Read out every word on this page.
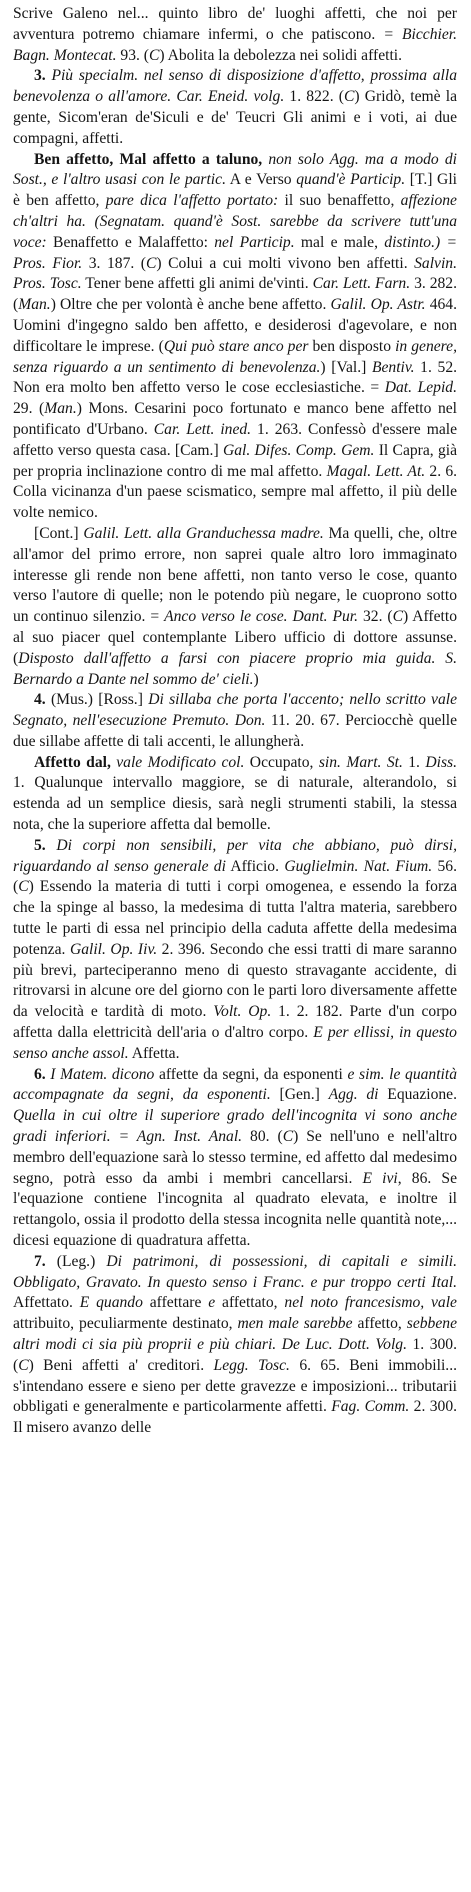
Scrive Galeno nel... quinto libro de' luoghi affetti, che noi per avventura potremo chiamare infermi, o che patiscono. = Bicchier. Bagn. Montecat. 93. (C) Abolita la debolezza nei solidi affetti.

3. Più specialm. nel senso di disposizione d'affetto, prossima alla benevolenza o all'amore. Car. Eneid. volg. 1. 822. (C) Gridò, temè la gente, Sicom'eran de'Siculi e de' Teucri Gli animi e i voti, ai due compagni, affetti.

Ben affetto, Mal affetto a taluno, non solo Agg. ma a modo di Sost., e l'altro usasi con le partic. A e Verso quand'è Particip. [T.] Gli è ben affetto, pare dica l'affetto portato: il suo benaffetto, affezione ch'altri ha. (Segnatam. quand'è Sost. sarebbe da scrivere tutt'una voce: Benaffetto e Malaffetto: nel Particip. mal e male, distinto.) = Pros. Fior. 3. 187. (C) Colui a cui molti vivono ben affetti. Salvin. Pros. Tosc. Tener bene affetti gli animi de'vinti. Car. Lett. Farn. 3. 282. (Man.) Oltre che per volontà è anche bene affetto. Galil. Op. Astr. 464. Uomini d'ingegno saldo ben affetto, e desiderosi d'agevolare, e non difficoltare le imprese. (Qui può stare anco per ben disposto in genere, senza riguardo a un sentimento di benevolenza.) [Val.] Bentiv. 1. 52. Non era molto ben affetto verso le cose ecclesiastiche. = Dat. Lepid. 29. (Man.) Mons. Cesarini poco fortunato e manco bene affetto nel pontificato d'Urbano. Car. Lett. ined. 1. 263. Confessò d'essere male affetto verso questa casa. [Cam.] Gal. Difes. Comp. Gem. Il Capra, già per propria inclinazione contro di me mal affetto. Magal. Lett. At. 2. 6. Colla vicinanza d'un paese scismatico, sempre mal affetto, il più delle volte nemico.

[Cont.] Galil. Lett. alla Granduchessa madre. Ma quelli, che, oltre all'amor del primo errore, non saprei quale altro loro immaginato interesse gli rende non bene affetti, non tanto verso le cose, quanto verso l'autore di quelle; non le potendo più negare, le cuoprono sotto un continuo silenzio. = Anco verso le cose. Dant. Pur. 32. (C) Affetto al suo piacer quel contemplante Libero ufficio di dottore assunse. (Disposto dall'affetto a farsi con piacere proprio mia guida. S. Bernardo a Dante nel sommo de' cieli.)

4. (Mus.) [Ross.] Di sillaba che porta l'accento; nello scritto vale Segnato, nell'esecuzione Premuto. Don. 11. 20. 67. Perciocchè quelle due sillabe affette di tali accenti, le allungherà.

Affetto dal, vale Modificato col. Occupato, sin. Mart. St. 1. Diss. 1. Qualunque intervallo maggiore, se di naturale, alterandolo, si estenda ad un semplice diesis, sarà negli strumenti stabili, la stessa nota, che la superiore affetta dal bemolle.

5. Di corpi non sensibili, per vita che abbiano, può dirsi, riguardando al senso generale di Afficio. Guglielmin. Nat. Fium. 56. (C) Essendo la materia di tutti i corpi omogenea, e essendo la forza che la spinge al basso, la medesima di tutta l'altra materia, sarebbero tutte le parti di essa nel principio della caduta affette della medesima potenza. Galil. Op. Iiv. 2. 396. Secondo che essi tratti di mare saranno più brevi, parteciperanno meno di questo stravagante accidente, di ritrovarsi in alcune ore del giorno con le parti loro diversamente affette da velocità e tardità di moto. Volt. Op. 1. 2. 182. Parte d'un corpo affetta dalla elettricità dell'aria o d'altro corpo. E per ellissi, in questo senso anche assol. Affetta.

6. I Matem. dicono affette da segni, da esponenti e sim. le quantità accompagnate da segni, da esponenti. [Gen.] Agg. di Equazione. Quella in cui oltre il superiore grado dell'incognita vi sono anche gradi inferiori. = Agn. Inst. Anal. 80. (C) Se nell'uno e nell'altro membro dell'equazione sarà lo stesso termine, ed affetto dal medesimo segno, potrà esso da ambi i membri cancellarsi. E ivi, 86. Se l'equazione contiene l'incognita al quadrato elevata, e inoltre il rettangolo, ossia il prodotto della stessa incognita nelle quantità note,... dicesi equazione di quadratura affetta.

7. (Leg.) Di patrimoni, di possessioni, di capitali e simili. Obbligato, Gravato. In questo senso i Franc. e pur troppo certi Ital. Affettato. E quando affettare e affettato, nel noto francesismo, vale attribuito, peculiarmente destinato, men male sarebbe affetto, sebbene altri modi ci sia più proprii e più chiari. De Luc. Dott. Volg. 1. 300. (C) Beni affetti a' creditori. Legg. Tosc. 6. 65. Beni immobili... s'intendano essere e sieno per dette gravezze e imposizioni... tributarii obbligati e generalmente e particolarmente affetti. Fag. Comm. 2. 300. Il misero avanzo delle
